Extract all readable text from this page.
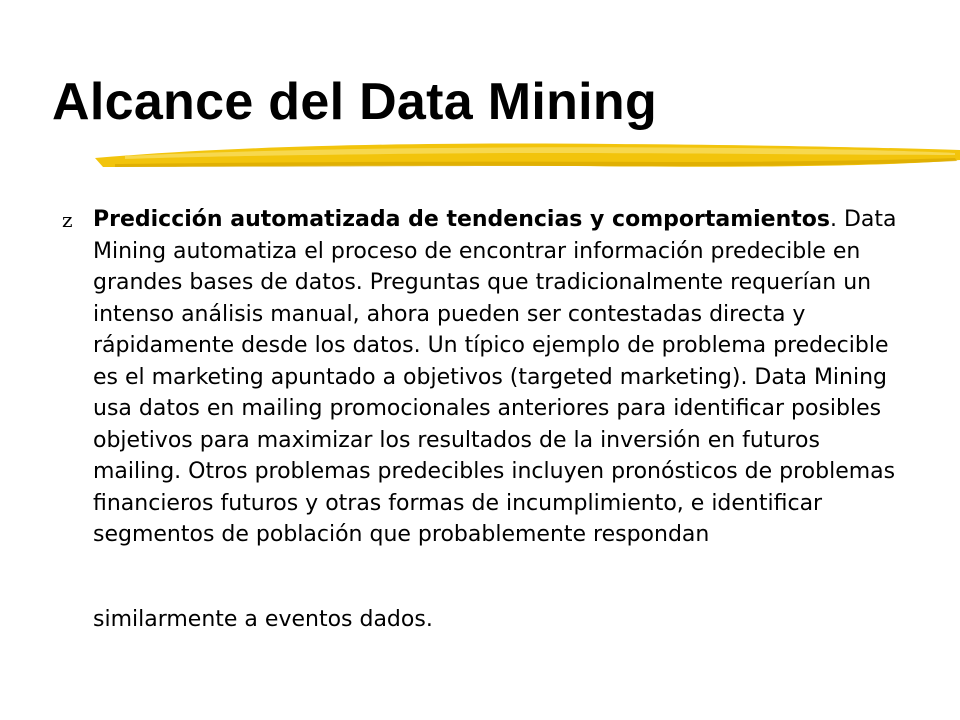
Alcance del Data Mining
z Predicción automatizada de tendencias y comportamientos. Data Mining automatiza el proceso de encontrar información predecible en grandes bases de datos. Preguntas que tradicionalmente requerían un intenso análisis manual, ahora pueden ser contestadas directa y rápidamente desde los datos. Un típico ejemplo de problema predecible es el marketing apuntado a objetivos (targeted marketing). Data Mining usa datos en mailing promocionales anteriores para identificar posibles objetivos para maximizar los resultados de la inversión en futuros mailing. Otros problemas predecibles incluyen pronósticos de problemas financieros futuros y otras formas de incumplimiento, e identificar segmentos de población que probablemente respondan

similarmente a eventos dados.
